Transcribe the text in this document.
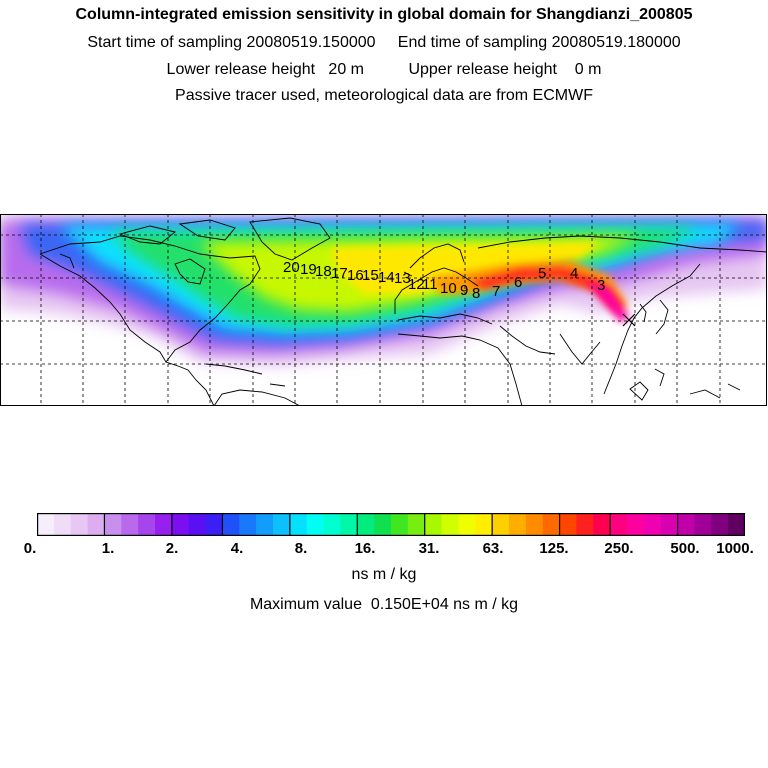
Column-integrated emission sensitivity in global domain for Shangdianzi_200805
Start time of sampling 20080519.150000     End time of sampling 20080519.180000
Lower release height   20 m          Upper release height    0 m
Passive tracer used, meteorological data are from ECMWF
20 19
18 17 16
15 14 13
12
11 10 9 8 7
6
5 4
3
0.	1.	2.	4.	8.	16.	31.	63. 125. 250. 500. 1000.
ns m / kg
Maximum value  0.150E+04 ns m / kg
